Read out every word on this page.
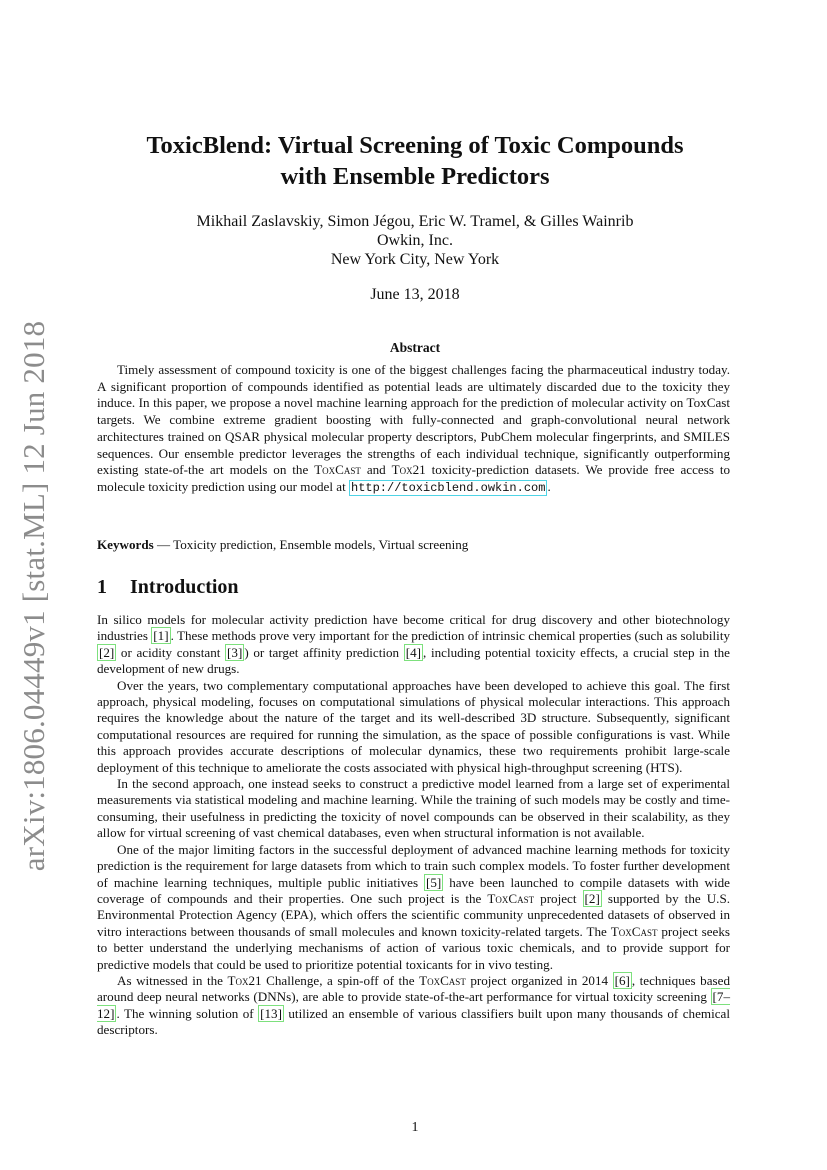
arXiv:1806.04449v1 [stat.ML] 12 Jun 2018
ToxicBlend: Virtual Screening of Toxic Compounds
with Ensemble Predictors
Mikhail Zaslavskiy, Simon Jégou, Eric W. Tramel, & Gilles Wainrib
Owkin, Inc.
New York City, New York
June 13, 2018
Abstract

Timely assessment of compound toxicity is one of the biggest challenges facing the pharmaceutical industry today. A significant proportion of compounds identified as potential leads are ultimately discarded due to the toxicity they induce. In this paper, we propose a novel machine learning approach for the prediction of molecular activity on ToxCast targets. We combine extreme gradient boosting with fully-connected and graph-convolutional neural network architectures trained on QSAR physical molecular property descriptors, PubChem molecular fingerprints, and SMILES sequences. Our ensemble predictor leverages the strengths of each individual technique, significantly outperforming existing state-of-the art models on the ToxCast and Tox21 toxicity-prediction datasets. We provide free access to molecule toxicity prediction using our model at http://toxicblend.owkin.com .

Keywords — Toxicity prediction, Ensemble models, Virtual screening
1 Introduction

In silico models for molecular activity prediction have become critical for drug discovery and other biotechnology industries [1] . These methods prove very important for the prediction of intrinsic chemical properties (such as solubility [2] or acidity constant [3] ) or target affinity prediction [4] , including potential toxicity effects, a crucial step in the development of new drugs.

Over the years, two complementary computational approaches have been developed to achieve this goal. The first approach, physical modeling, focuses on computational simulations of physical molecular interactions. This approach requires the knowledge about the nature of the target and its well-described 3D structure. Subsequently, significant computational resources are required for running the simulation, as the space of possible configurations is vast. While this approach provides accurate descriptions of molecular dynamics, these two requirements prohibit large-scale deployment of this technique to ameliorate the costs associated with physical high-throughput screening (HTS).

In the second approach, one instead seeks to construct a predictive model learned from a large set of experimental measurements via statistical modeling and machine learning. While the training of such models may be costly and time-consuming, their usefulness in predicting the toxicity of novel compounds can be observed in their scalability, as they allow for virtual screening of vast chemical databases, even when structural information is not available.

One of the major limiting factors in the successful deployment of advanced machine learning methods for toxicity prediction is the requirement for large datasets from which to train such complex models. To foster further development of machine learning techniques, multiple public initiatives [5] have been launched to compile datasets with wide coverage of compounds and their properties. One such project is the ToxCast project [2] supported by the U.S. Environmental Protection Agency (EPA), which offers the scientific community unprecedented datasets of observed in vitro interactions between thousands of small molecules and known toxicity-related targets. The ToxCast project seeks to better understand the underlying mechanisms of action of various toxic chemicals, and to provide support for predictive models that could be used to prioritize potential toxicants for in vivo testing.

As witnessed in the Tox21 Challenge, a spin-off of the ToxCast project organized in 2014 [6] , techniques based around deep neural networks (DNNs), are able to provide state-of-the-art performance for virtual toxicity screening [7–12] . The winning solution of [13] utilized an ensemble of various classifiers built upon many thousands of chemical descriptors.

1
